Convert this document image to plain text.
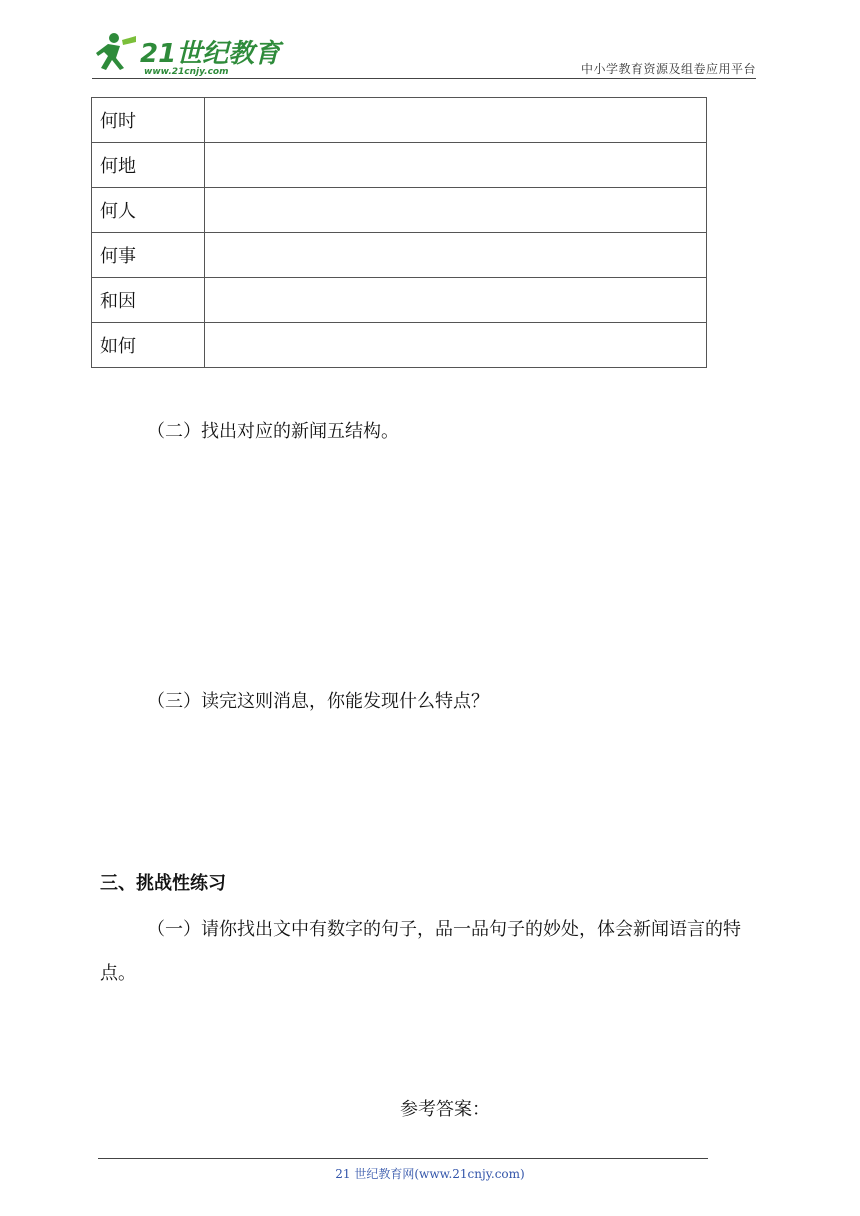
21世纪教育
www.21cnjy.com	中小学教育资源及组卷应用平台
何时	
何地	
何人	
何事	
和因	
如何	

（二）找出对应的新闻五结构。

（三）读完这则消息，你能发现什么特点？

三、挑战性练习

（一）请你找出文中有数字的句子，品一品句子的妙处，体会新闻语言的特点。

参考答案：

21 世纪教育网(www.21cnjy.com)
